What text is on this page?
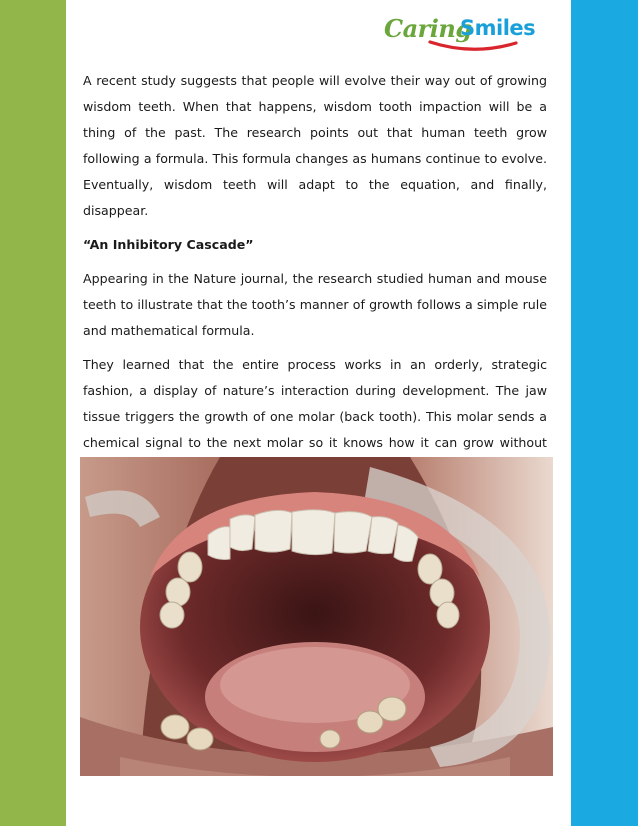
Caring
Smiles

A recent study suggests that people will evolve their way out of growing wisdom teeth. When that happens, wisdom tooth impaction will be a thing of the past. The research points out that human teeth grow following a formula. This formula changes as humans continue to evolve. Eventually, wisdom teeth will adapt to the equation, and finally, disappear.

“An Inhibitory Cascade”

Appearing in the Nature journal, the research studied human and mouse teeth to illustrate that the tooth’s manner of growth follows a simple rule and mathematical formula.

They learned that the entire process works in an orderly, strategic fashion, a display of nature’s interaction during development. The jaw tissue triggers the growth of one molar (back tooth). This molar sends a chemical signal to the next molar so it knows how it can grow without
